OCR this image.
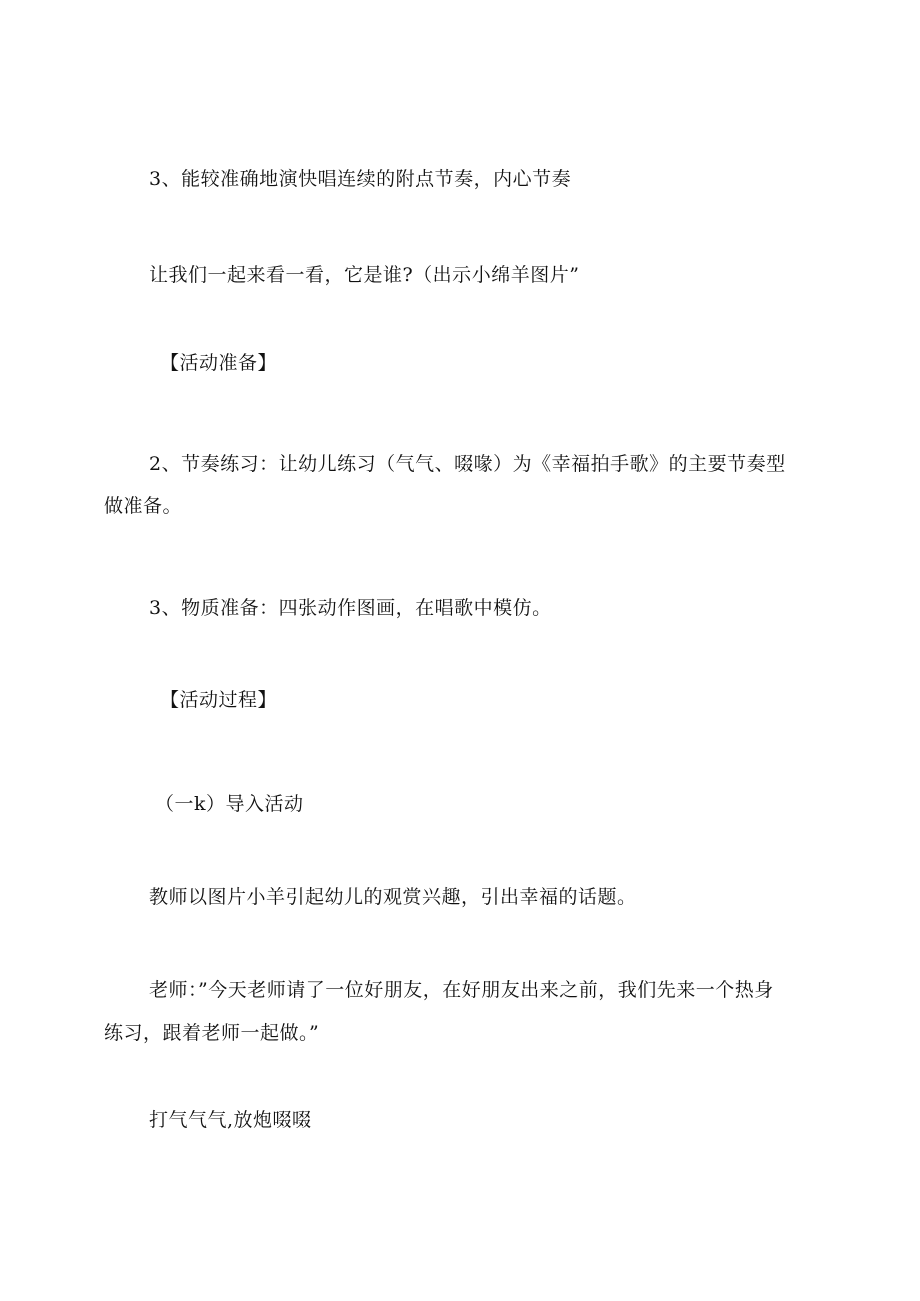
3、能较准确地演快唱连续的附点节奏，内心节奏
让我们一起来看一看，它是谁?（出示小绵羊图片”
【活动准备】
2、节奏练习：让幼儿练习（气气、啜喙）为《幸福拍手歌》的主要节奏型
做准备。
3、物质准备：四张动作图画，在唱歌中模仿。
【活动过程】
（一k）导入活动
教师以图片小羊引起幼儿的观赏兴趣，引出幸福的话题。
老师：”今天老师请了一位好朋友，在好朋友出来之前，我们先来一个热身
练习，跟着老师一起做。”
打气气气,放炮啜啜
